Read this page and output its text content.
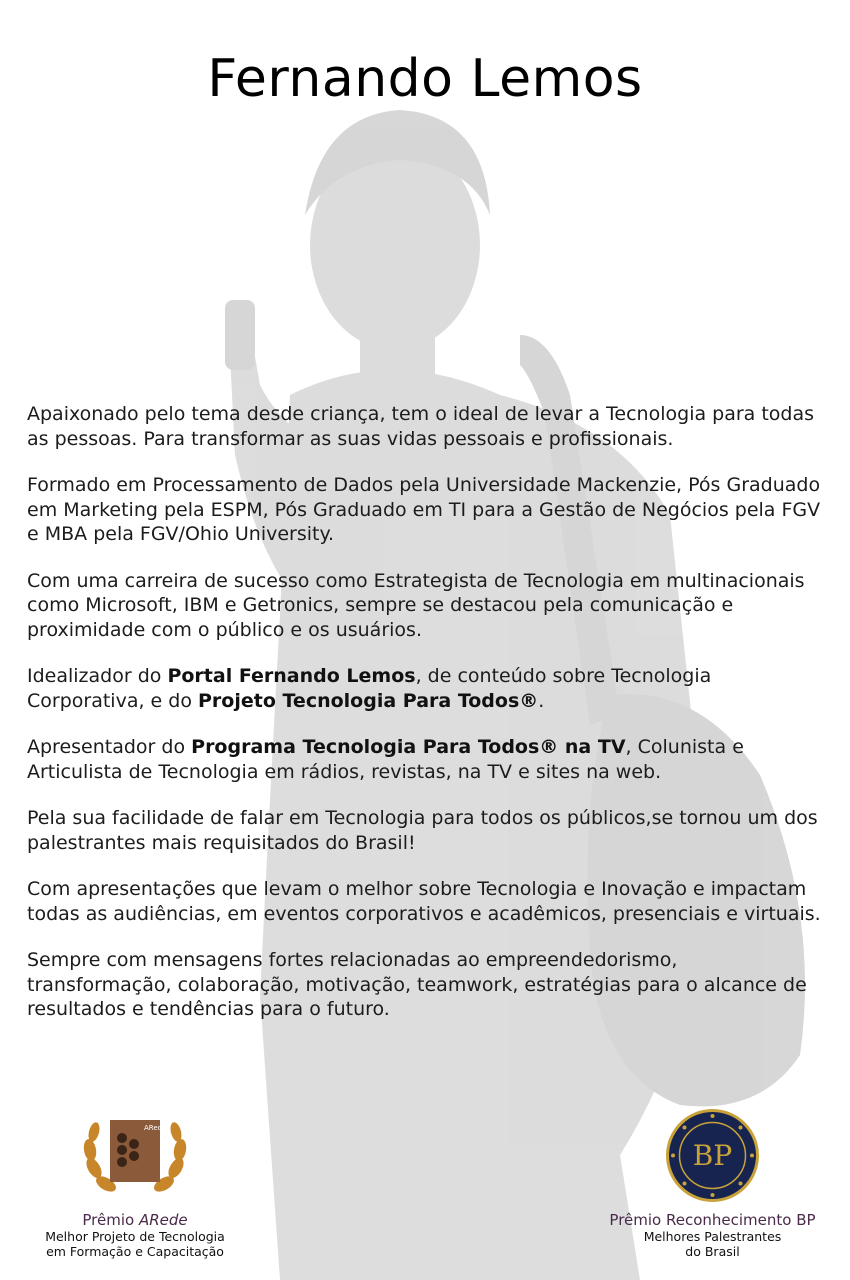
Fernando Lemos

Apaixonado pelo tema desde criança, tem o ideal de levar a Tecnologia para todas as pessoas. Para transformar as suas vidas pessoais e profissionais.

Formado em Processamento de Dados pela Universidade Mackenzie, Pós Graduado em Marketing pela ESPM, Pós Graduado em TI para a Gestão de Negócios pela FGV e MBA pela FGV/Ohio University.

Com uma carreira de sucesso como Estrategista de Tecnologia em multinacionais como Microsoft, IBM e Getronics, sempre se destacou pela comunicação e proximidade com o público e os usuários.

Idealizador do Portal Fernando Lemos, de conteúdo sobre Tecnologia Corporativa, e do Projeto Tecnologia Para Todos®.

Apresentador do Programa Tecnologia Para Todos® na TV, Colunista e Articulista de Tecnologia em rádios, revistas, na TV e sites na web.

Pela sua facilidade de falar em Tecnologia para todos os públicos,se tornou um dos palestrantes mais requisitados do Brasil!

Com apresentações que levam o melhor sobre Tecnologia e Inovação e impactam todas as audiências, em eventos corporativos e acadêmicos, presenciais e virtuais.

Sempre com mensagens fortes relacionadas ao empreendedorismo, transformação, colaboração, motivação, teamwork, estratégias para o alcance de resultados e tendências para o futuro.

ARede
Prêmio ARede
Melhor Projeto de Tecnologia
em Formação e Capacitação
BP
Prêmio Reconhecimento BP
Melhores Palestrantes
do Brasil
